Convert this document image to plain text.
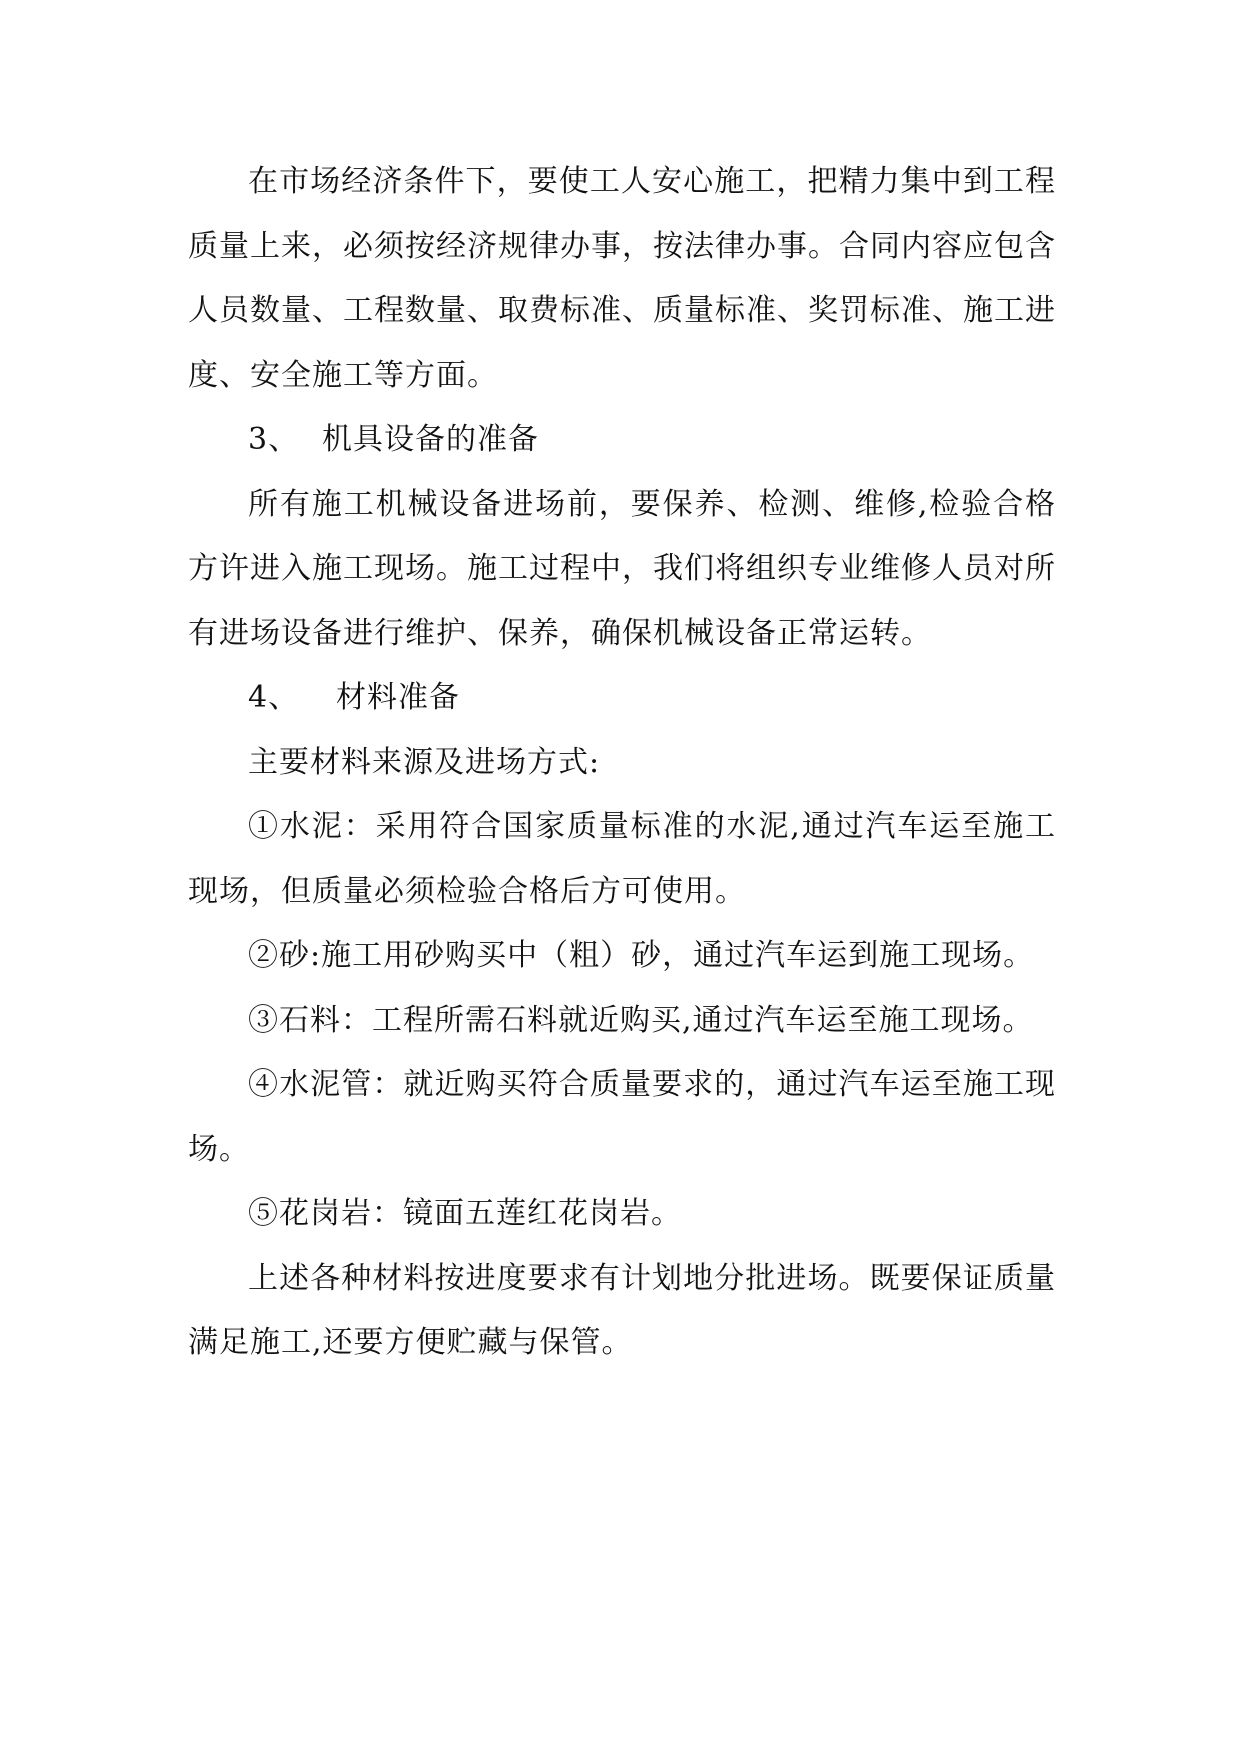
在市场经济条件下，要使工人安心施工，把精力集中到工程质量上来，必须按经济规律办事，按法律办事。合同内容应包含人员数量、工程数量、取费标准、质量标准、奖罚标准、施工进度、安全施工等方面。

3、 机具设备的准备

所有施工机械设备进场前，要保养、检测、维修,检验合格方许进入施工现场。施工过程中，我们将组织专业维修人员对所有进场设备进行维护、保养，确保机械设备正常运转。

4、 材料准备

主要材料来源及进场方式:

①水泥：采用符合国家质量标准的水泥,通过汽车运至施工现场，但质量必须检验合格后方可使用。

②砂:施工用砂购买中（粗）砂，通过汽车运到施工现场。

③石料：工程所需石料就近购买,通过汽车运至施工现场。

④水泥管：就近购买符合质量要求的，通过汽车运至施工现场。

⑤花岗岩：镜面五莲红花岗岩。

上述各种材料按进度要求有计划地分批进场。既要保证质量满足施工,还要方便贮藏与保管。
